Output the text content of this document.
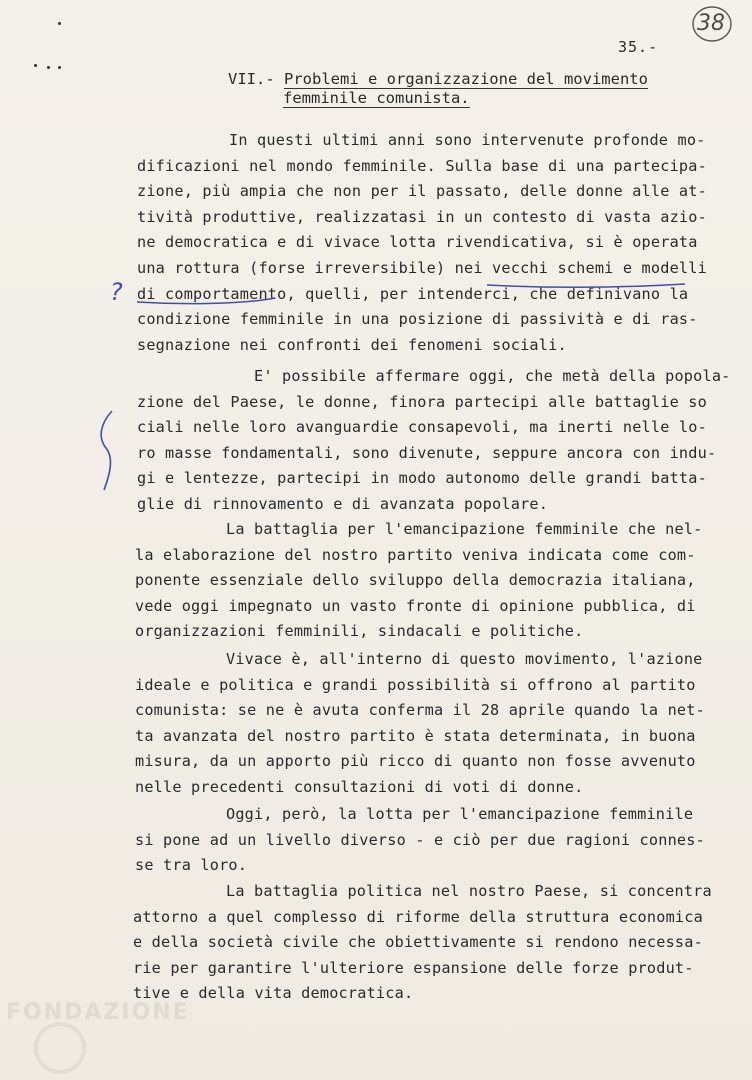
38
35.-
VII.- Problemi e organizzazione del movimento
femminile comunista.
In questi ultimi anni sono intervenute profonde mo-
dificazioni nel mondo femminile. Sulla base di una partecipa-
zione, più ampia che non per il passato, delle donne alle at-
tività produttive, realizzatasi in un contesto di vasta azio-
ne democratica e di vivace lotta rivendicativa, si è operata
una rottura (forse irreversibile) nei vecchi schemi e modelli
di comportamento, quelli, per intenderci, che definivano la
condizione femminile in una posizione di passività e di ras-
segnazione nei confronti dei fenomeni sociali.
E' possibile affermare oggi, che metà della popola-
zione del Paese, le donne, finora partecipi alle battaglie so
ciali nelle loro avanguardie consapevoli, ma inerti nelle lo-
ro masse fondamentali, sono divenute, seppure ancora con indu-
gi e lentezze, partecipi in modo autonomo delle grandi batta-
glie di rinnovamento e di avanzata popolare.
La battaglia per l'emancipazione femminile che nel-
la elaborazione del nostro partito veniva indicata come com-
ponente essenziale dello sviluppo della democrazia italiana,
vede oggi impegnato un vasto fronte di opinione pubblica, di
organizzazioni femminili, sindacali e politiche.
Vivace è, all'interno di questo movimento, l'azione
ideale e politica e grandi possibilità si offrono al partito
comunista: se ne è avuta conferma il 28 aprile quando la net-
ta avanzata del nostro partito è stata determinata, in buona
misura, da un apporto più ricco di quanto non fosse avvenuto
nelle precedenti consultazioni di voti di donne.
Oggi, però, la lotta per l'emancipazione femminile
si pone ad un livello diverso - e ciò per due ragioni connes-
se tra loro.
La battaglia politica nel nostro Paese, si concentra
attorno a quel complesso di riforme della struttura economica
e della società civile che obiettivamente si rendono necessa-
rie per garantire l'ulteriore espansione delle forze produt-
tive e della vita democratica.
?
FONDAZIONE
